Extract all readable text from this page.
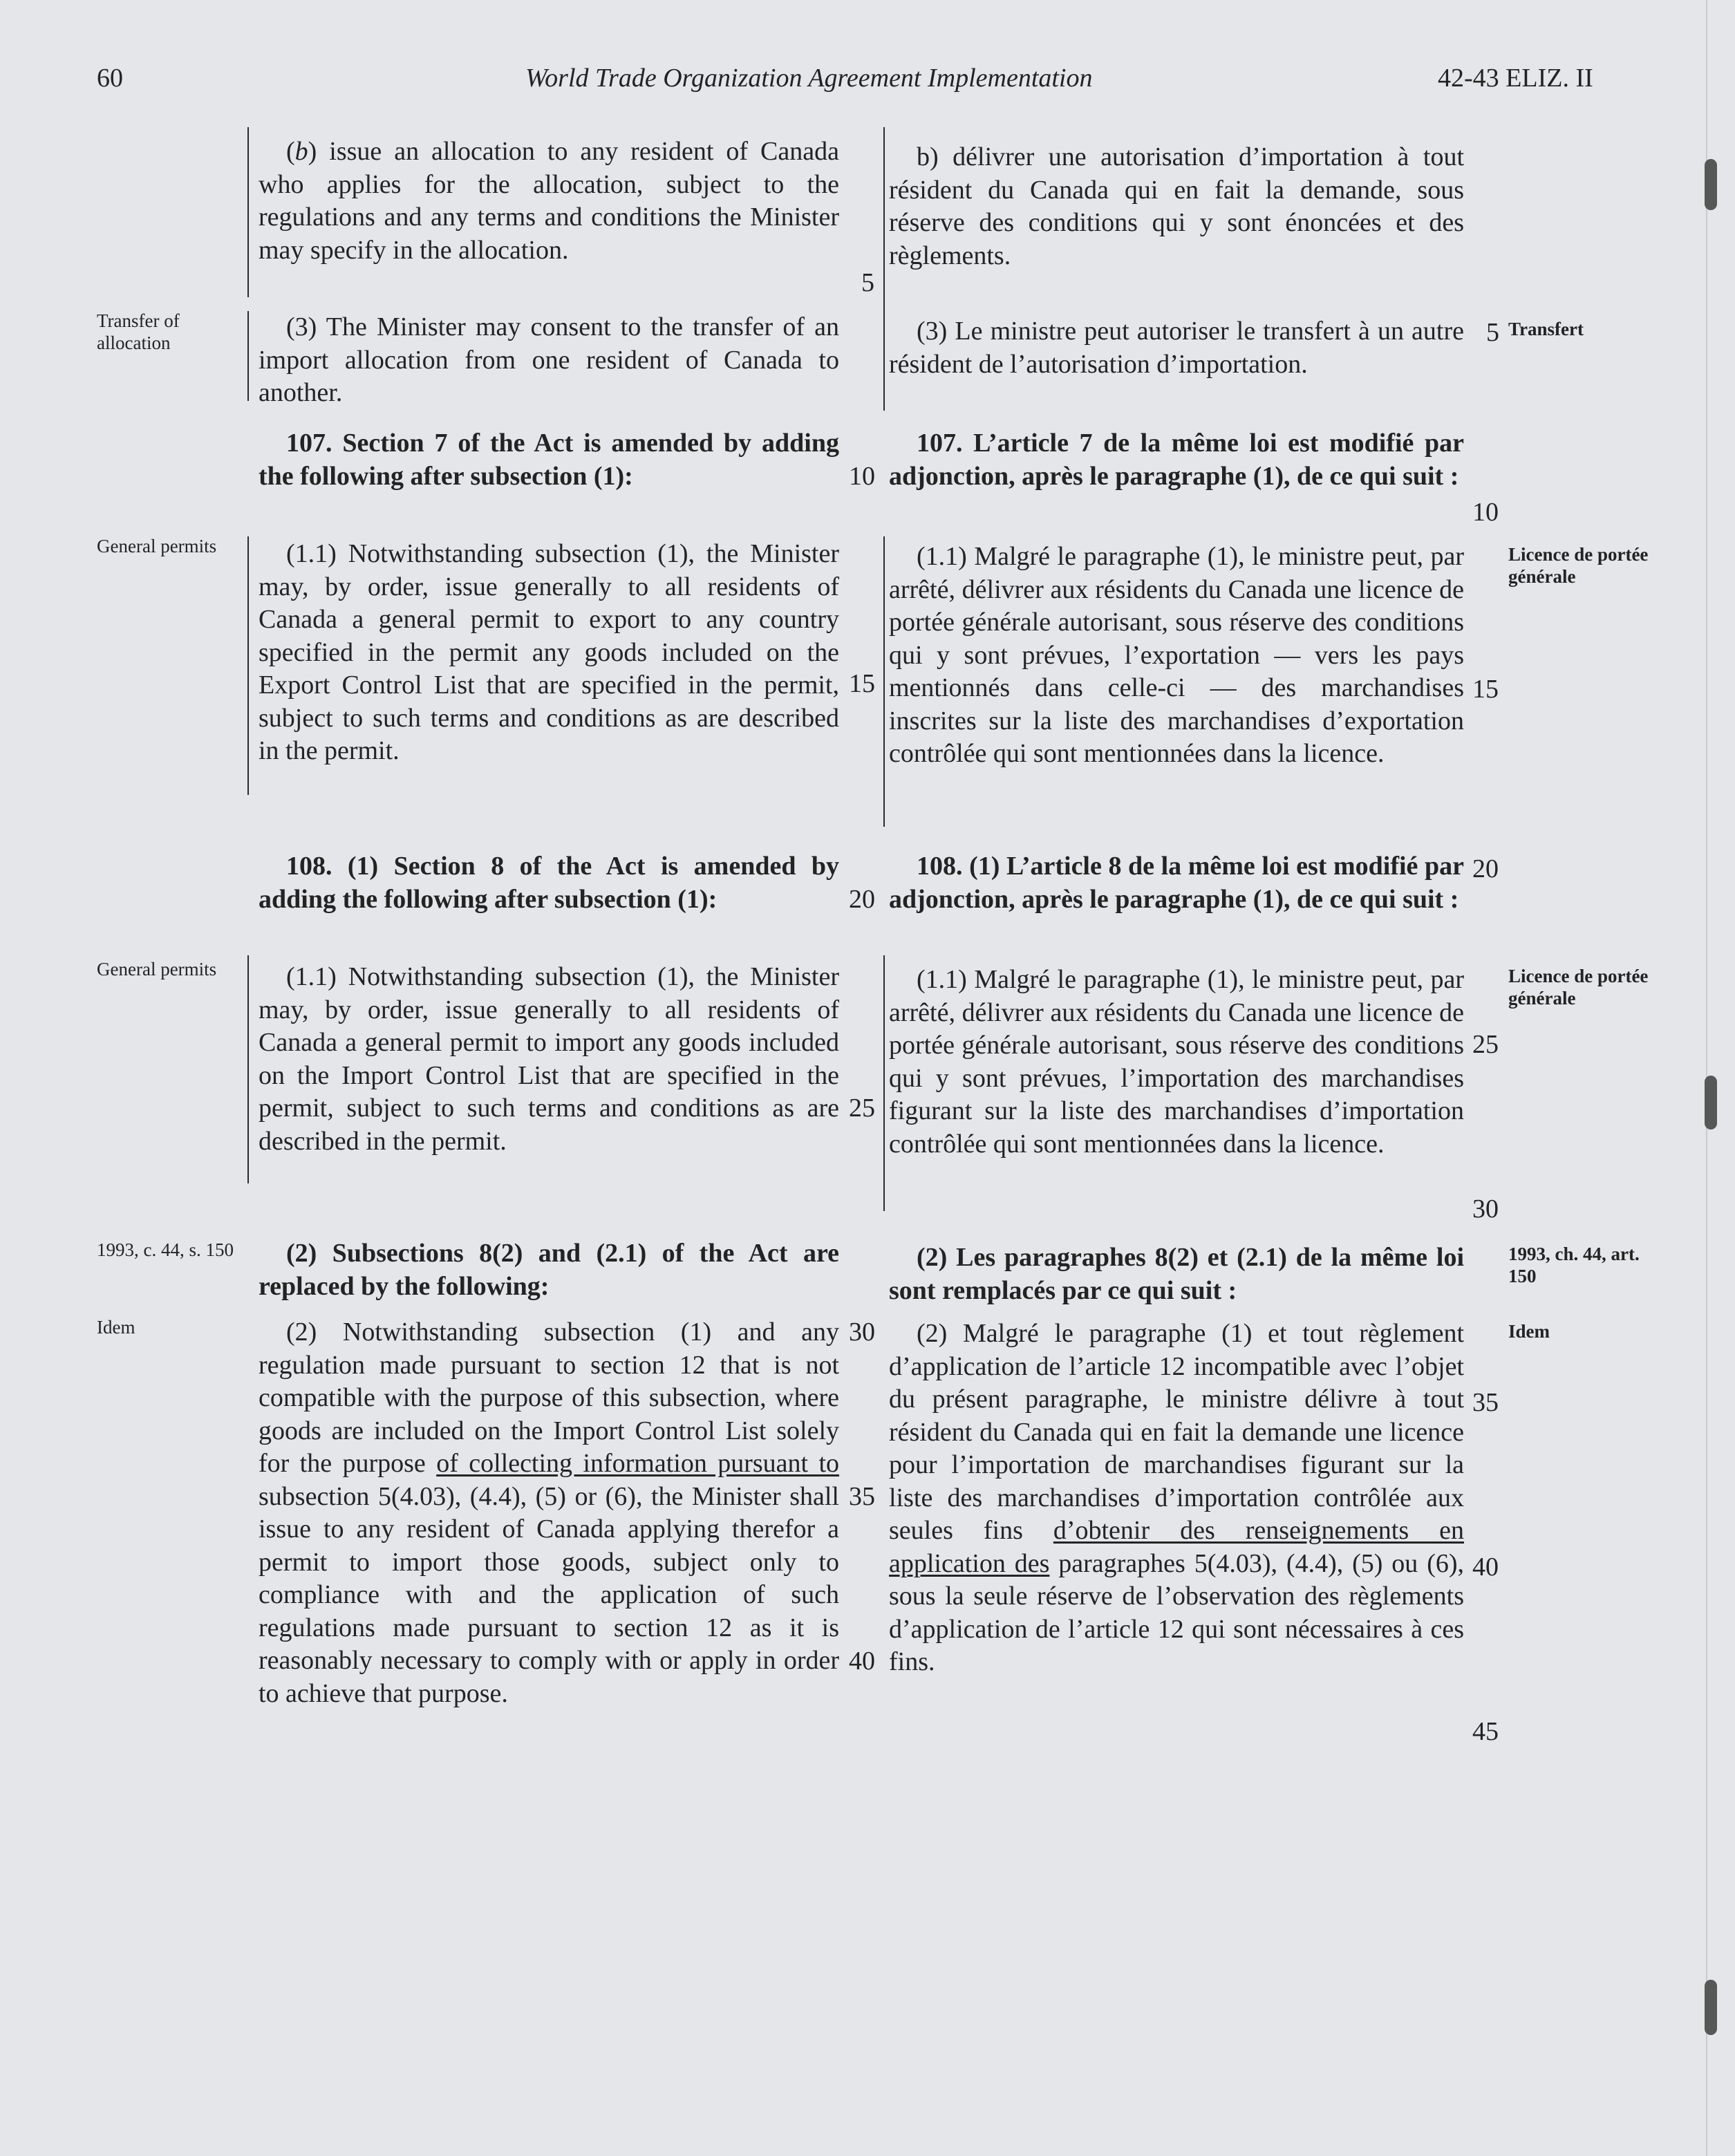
60	World Trade Organization Agreement Implementation	42-43 ELIZ. II
Transfer of allocation
General permits
General permits
1993, c. 44, s. 150
Idem
Transfert
Licence de portée générale
Licence de portée générale
1993, ch. 44, art. 150
Idem

(b) issue an allocation to any resident of Canada who applies for the allocation, subject to the regulations and any terms and conditions the Minister may specify in the allocation.

(3) The Minister may consent to the transfer of an import allocation from one resident of Canada to another.

107. Section 7 of the Act is amended by adding the following after subsection (1):

(1.1) Notwithstanding subsection (1), the Minister may, by order, issue generally to all residents of Canada a general permit to export to any country specified in the permit any goods included on the Export Control List that are specified in the permit, subject to such terms and conditions as are described in the permit.

108. (1) Section 8 of the Act is amended by adding the following after subsection (1):

(1.1) Notwithstanding subsection (1), the Minister may, by order, issue generally to all residents of Canada a general permit to import any goods included on the Import Control List that are specified in the permit, subject to such terms and conditions as are described in the permit.

(2) Subsections 8(2) and (2.1) of the Act are replaced by the following:

(2) Notwithstanding subsection (1) and any regulation made pursuant to section 12 that is not compatible with the purpose of this subsection, where goods are included on the Import Control List solely for the purpose of collecting information pursuant to subsection 5(4.03), (4.4), (5) or (6), the Minister shall issue to any resident of Canada applying therefor a permit to import those goods, subject only to compliance with and the application of such regulations made pursuant to section 12 as it is reasonably necessary to comply with or apply in order to achieve that purpose.

b) délivrer une autorisation d’importation à tout résident du Canada qui en fait la demande, sous réserve des conditions qui y sont énoncées et des règlements.

(3) Le ministre peut autoriser le transfert à un autre résident de l’autorisation d’importation.

107. L’article 7 de la même loi est modifié par adjonction, après le paragraphe (1), de ce qui suit :

(1.1) Malgré le paragraphe (1), le ministre peut, par arrêté, délivrer aux résidents du Canada une licence de portée générale autorisant, sous réserve des conditions qui y sont prévues, l’exportation — vers les pays mentionnés dans celle-ci — des marchandises inscrites sur la liste des marchandises d’exportation contrôlée qui sont mentionnées dans la licence.

108. (1) L’article 8 de la même loi est modifié par adjonction, après le paragraphe (1), de ce qui suit :

(1.1) Malgré le paragraphe (1), le ministre peut, par arrêté, délivrer aux résidents du Canada une licence de portée générale autorisant, sous réserve des conditions qui y sont prévues, l’importation des marchandises figurant sur la liste des marchandises d’importation contrôlée qui sont mentionnées dans la licence.

(2) Les paragraphes 8(2) et (2.1) de la même loi sont remplacés par ce qui suit :

(2) Malgré le paragraphe (1) et tout règlement d’application de l’article 12 incompatible avec l’objet du présent paragraphe, le ministre délivre à tout résident du Canada qui en fait la demande une licence pour l’importation de marchandises figurant sur la liste des marchandises d’importation contrôlée aux seules fins d’obtenir des renseignements en application des paragraphes 5(4.03), (4.4), (5) ou (6), sous la seule réserve de l’observation des règlements d’application de l’article 12 qui sont nécessaires à ces fins.

5
10
15
20
25
30
35
40
5
10
15
20
25
30
35
40
45
